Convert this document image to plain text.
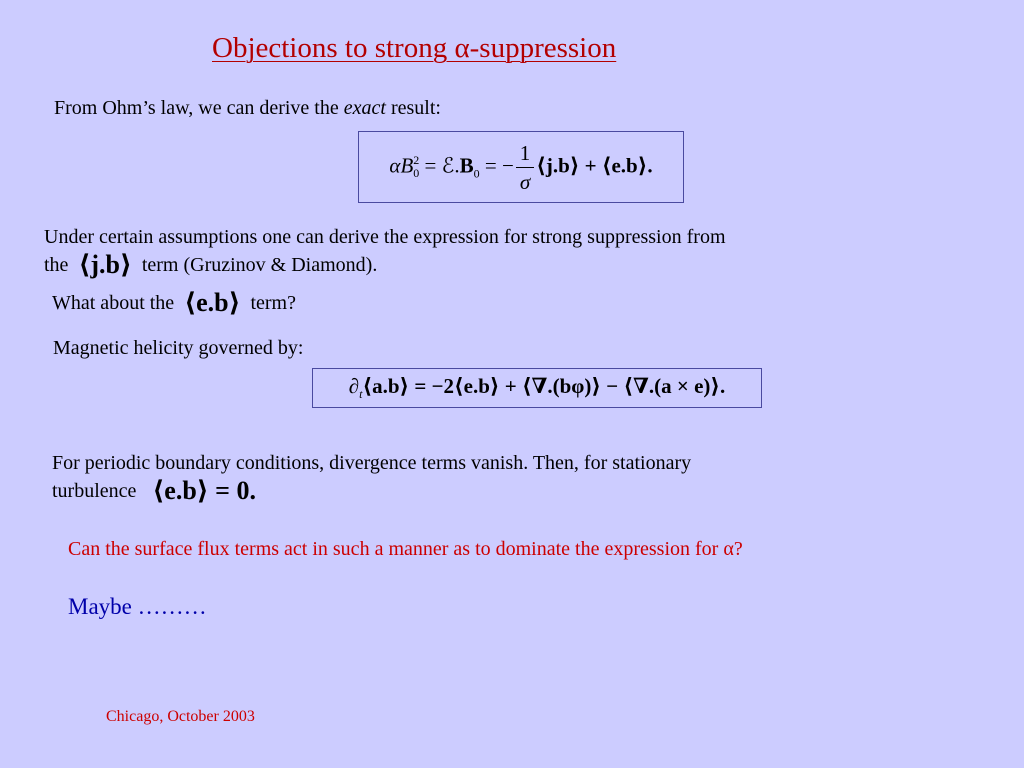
Objections to strong α-suppression
From Ohm’s law, we can derive the exact result:
$\alpha B^2_0$ = $ℰ.B_0$ = − $\frac{1}{\sigma}$ ⟨j.b⟩ + ⟨e.b⟩.
Under certain assumptions one can derive the expression for strong suppression from
the ⟨j.b⟩ term (Gruzinov & Diamond).
What about the ⟨e.b⟩ term?
Magnetic helicity governed by:
$\partial_t⟨a.b⟩$ = −2⟨e.b⟩ + ⟨∇.(bφ)⟩ − ⟨∇.(a × e)⟩.
For periodic boundary conditions, divergence terms vanish. Then, for stationary
turbulence ⟨e.b⟩ = 0.
Can the surface flux terms act in such a manner as to dominate the expression for α?
Maybe ………
Chicago, October 2003
